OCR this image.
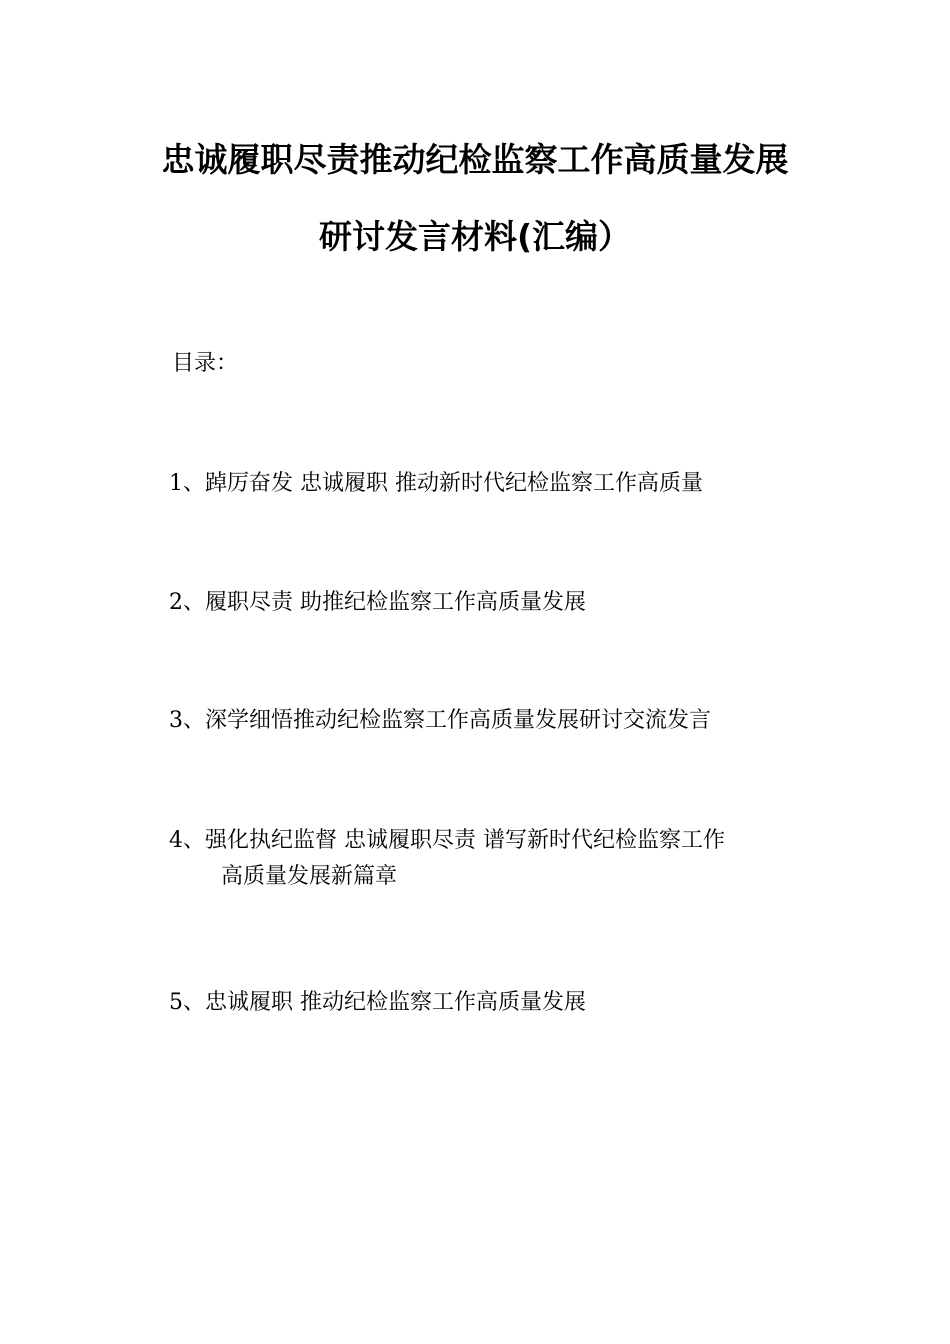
忠诚履职尽责推动纪检监察工作高质量发展
研讨发言材料(汇编）
目录：
1、踔厉奋发 忠诚履职 推动新时代纪检监察工作高质量
2、履职尽责 助推纪检监察工作高质量发展
3、深学细悟推动纪检监察工作高质量发展研讨交流发言
4、强化执纪监督 忠诚履职尽责 谱写新时代纪检监察工作
高质量发展新篇章
5、忠诚履职 推动纪检监察工作高质量发展
